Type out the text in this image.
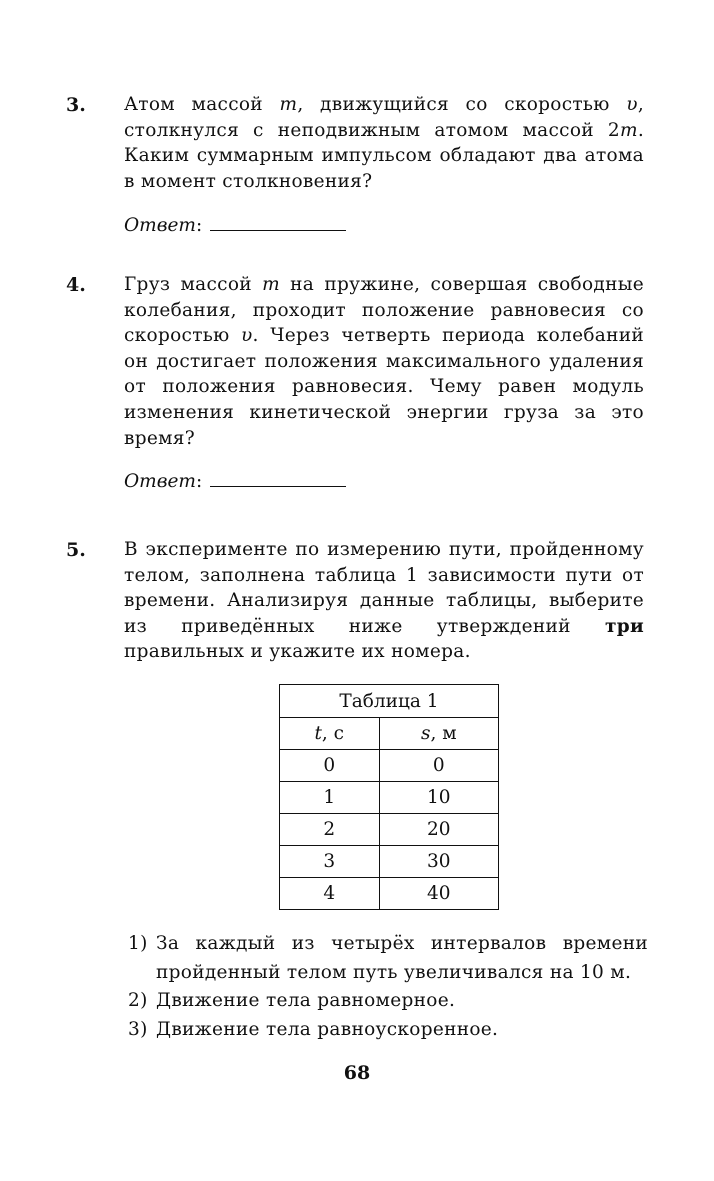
3. Атом массой m, движущийся со скоростью υ, столкнулся с неподвижным атомом массой 2m. Каким суммарным импульсом обладают два атома в момент столкновения?

Ответ:
4. Груз массой m на пружине, совершая свободные колебания, проходит положение равновесия со скоростью υ. Через четверть периода колебаний он достигает положения максимального удаления от положения равновесия. Чему равен модуль изменения кинетической энергии груза за это время?

Ответ:
5. В эксперименте по измерению пути, пройденному телом, заполнена таблица 1 зависимости пути от времени. Анализируя данные таблицы, выберите из приведённых ниже утверждений три правильных и укажите их номера.

Таблица 1	
t, с	s, м
0	0
1	10
2	20
3	30
4	40
1) За каждый из четырёх интервалов времени пройденный телом путь увеличивался на 10 м.
2) Движение тела равномерное.
3) Движение тела равноускоренное.
68
